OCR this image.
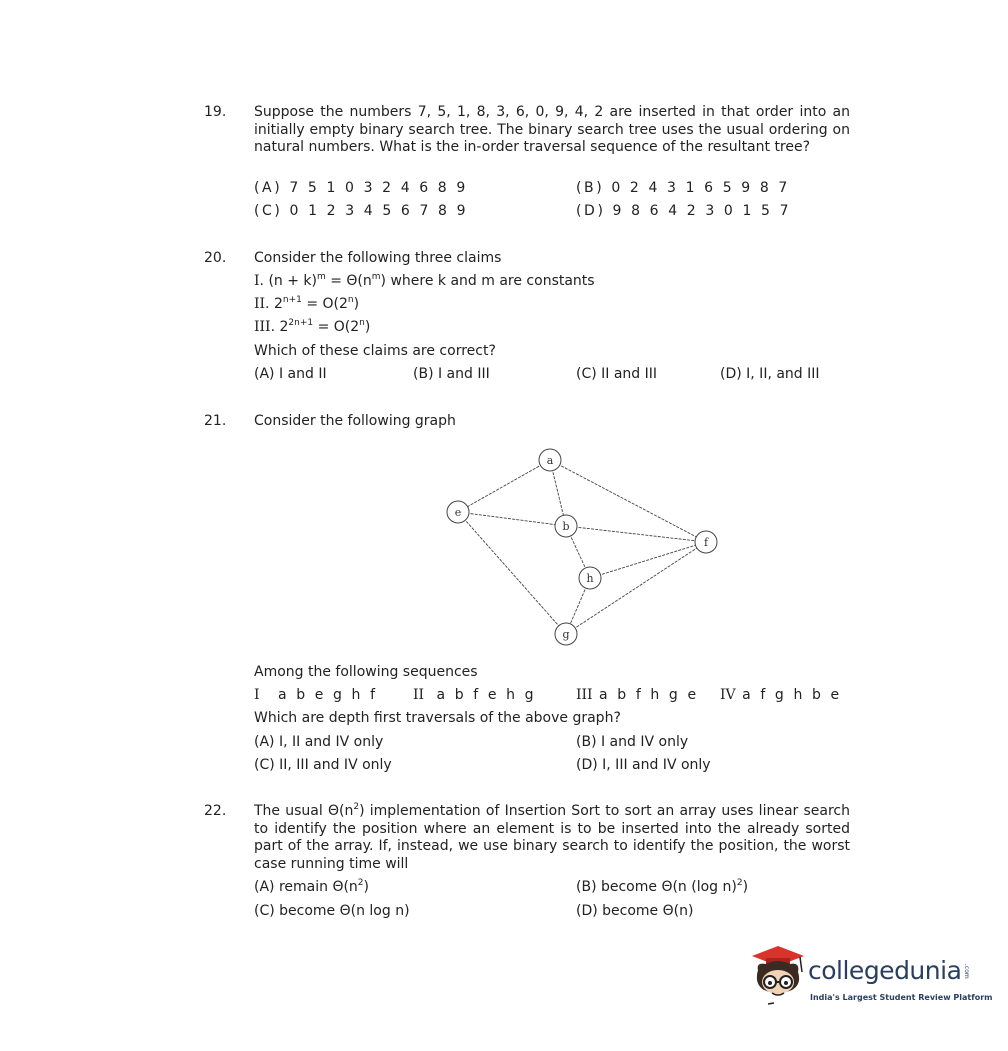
19. Suppose the numbers 7, 5, 1, 8, 3, 6, 0, 9, 4, 2 are inserted in that order into an initially empty binary search tree. The binary search tree uses the usual ordering on natural numbers. What is the in-order traversal sequence of the resultant tree?
(A) 7 5 1 0 3 2 4 6 8 9	(B) 0 2 4 3 1 6 5 9 8 7
(C) 0 1 2 3 4 5 6 7 8 9	(D) 9 8 6 4 2 3 0 1 5 7
20. Consider the following three claims
I. $(n + k)^m = \Theta(n^m)$ where k and m are constants
II. $2^{n+1} = O(2^n)$
III. $2^{2n+1} = O(2^n)$
Which of these claims are correct?
(A) I and II	(B) I and III	(C) II and III	(D) I, II, and III
21. Consider the following graph
a
b
e
f
h
g
Among the following sequences
I a b e g h f	II a b f e h g	III a b f h g e IV a f g h b e
Which are depth first traversals of the above graph?
(A) I, II and IV only	(B) I and IV only
(C) II, III and IV only	(D) I, III and IV only
22. The usual $\Theta(n^2)$ implementation of Insertion Sort to sort an array uses linear search to identify the position where an element is to be inserted into the already sorted part of the array. If, instead, we use binary search to identify the position, the worst case running time will
(A) remain $\Theta(n^2)$	(B) become Θ(n (log n)$^2$)
(C) become Θ(n log n)	(D) become Θ(n)
collegedunia .com
India's Largest Student Review Platform
